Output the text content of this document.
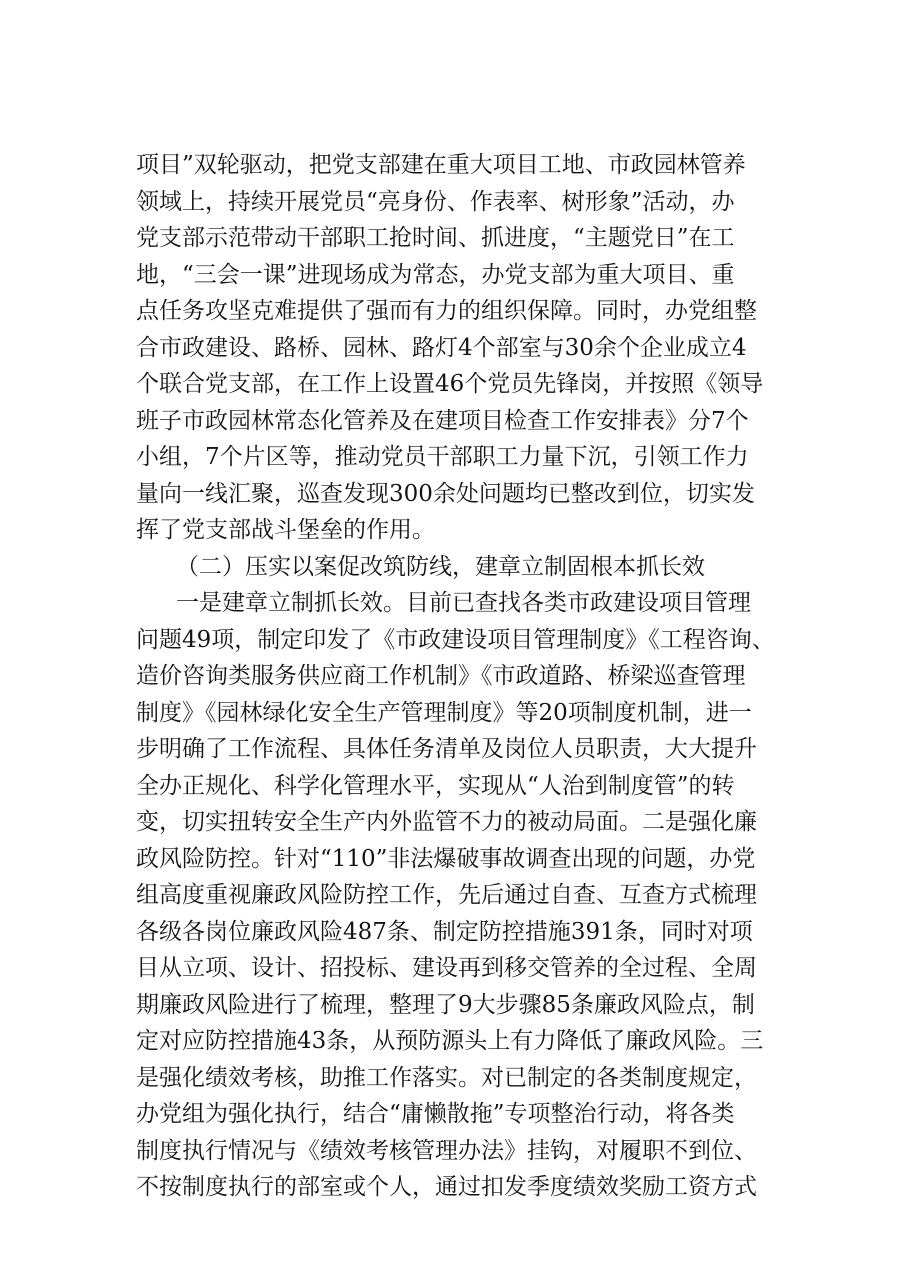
项目”双轮驱动，把党支部建在重大项目工地、市政园林管养
领域上，持续开展党员“亮身份、作表率、树形象”活动，办
党支部示范带动干部职工抢时间、抓进度，“主题党日”在工
地，“三会一课”进现场成为常态，办党支部为重大项目、重
点任务攻坚克难提供了强而有力的组织保障。同时，办党组整
合市政建设、路桥、园林、路灯4个部室与30余个企业成立4
个联合党支部，在工作上设置46个党员先锋岗，并按照《领导
班子市政园林常态化管养及在建项目检查工作安排表》分7个
小组，7个片区等，推动党员干部职工力量下沉，引领工作力
量向一线汇聚，巡查发现300余处问题均已整改到位，切实发
挥了党支部战斗堡垒的作用。
（二）压实以案促改筑防线，建章立制固根本抓长效
一是建章立制抓长效。目前已查找各类市政建设项目管理
问题49项，制定印发了《市政建设项目管理制度》《工程咨询、
造价咨询类服务供应商工作机制》《市政道路、桥梁巡查管理
制度》《园林绿化安全生产管理制度》等20项制度机制，进一
步明确了工作流程、具体任务清单及岗位人员职责，大大提升
全办正规化、科学化管理水平，实现从“人治到制度管”的转
变，切实扭转安全生产内外监管不力的被动局面。二是强化廉
政风险防控。针对“110”非法爆破事故调查出现的问题，办党
组高度重视廉政风险防控工作，先后通过自查、互查方式梳理
各级各岗位廉政风险487条、制定防控措施391条，同时对项
目从立项、设计、招投标、建设再到移交管养的全过程、全周
期廉政风险进行了梳理，整理了9大步骤85条廉政风险点，制
定对应防控措施43条，从预防源头上有力降低了廉政风险。三
是强化绩效考核，助推工作落实。对已制定的各类制度规定，
办党组为强化执行，结合“庸懒散拖”专项整治行动，将各类
制度执行情况与《绩效考核管理办法》挂钩，对履职不到位、
不按制度执行的部室或个人，通过扣发季度绩效奖励工资方式
